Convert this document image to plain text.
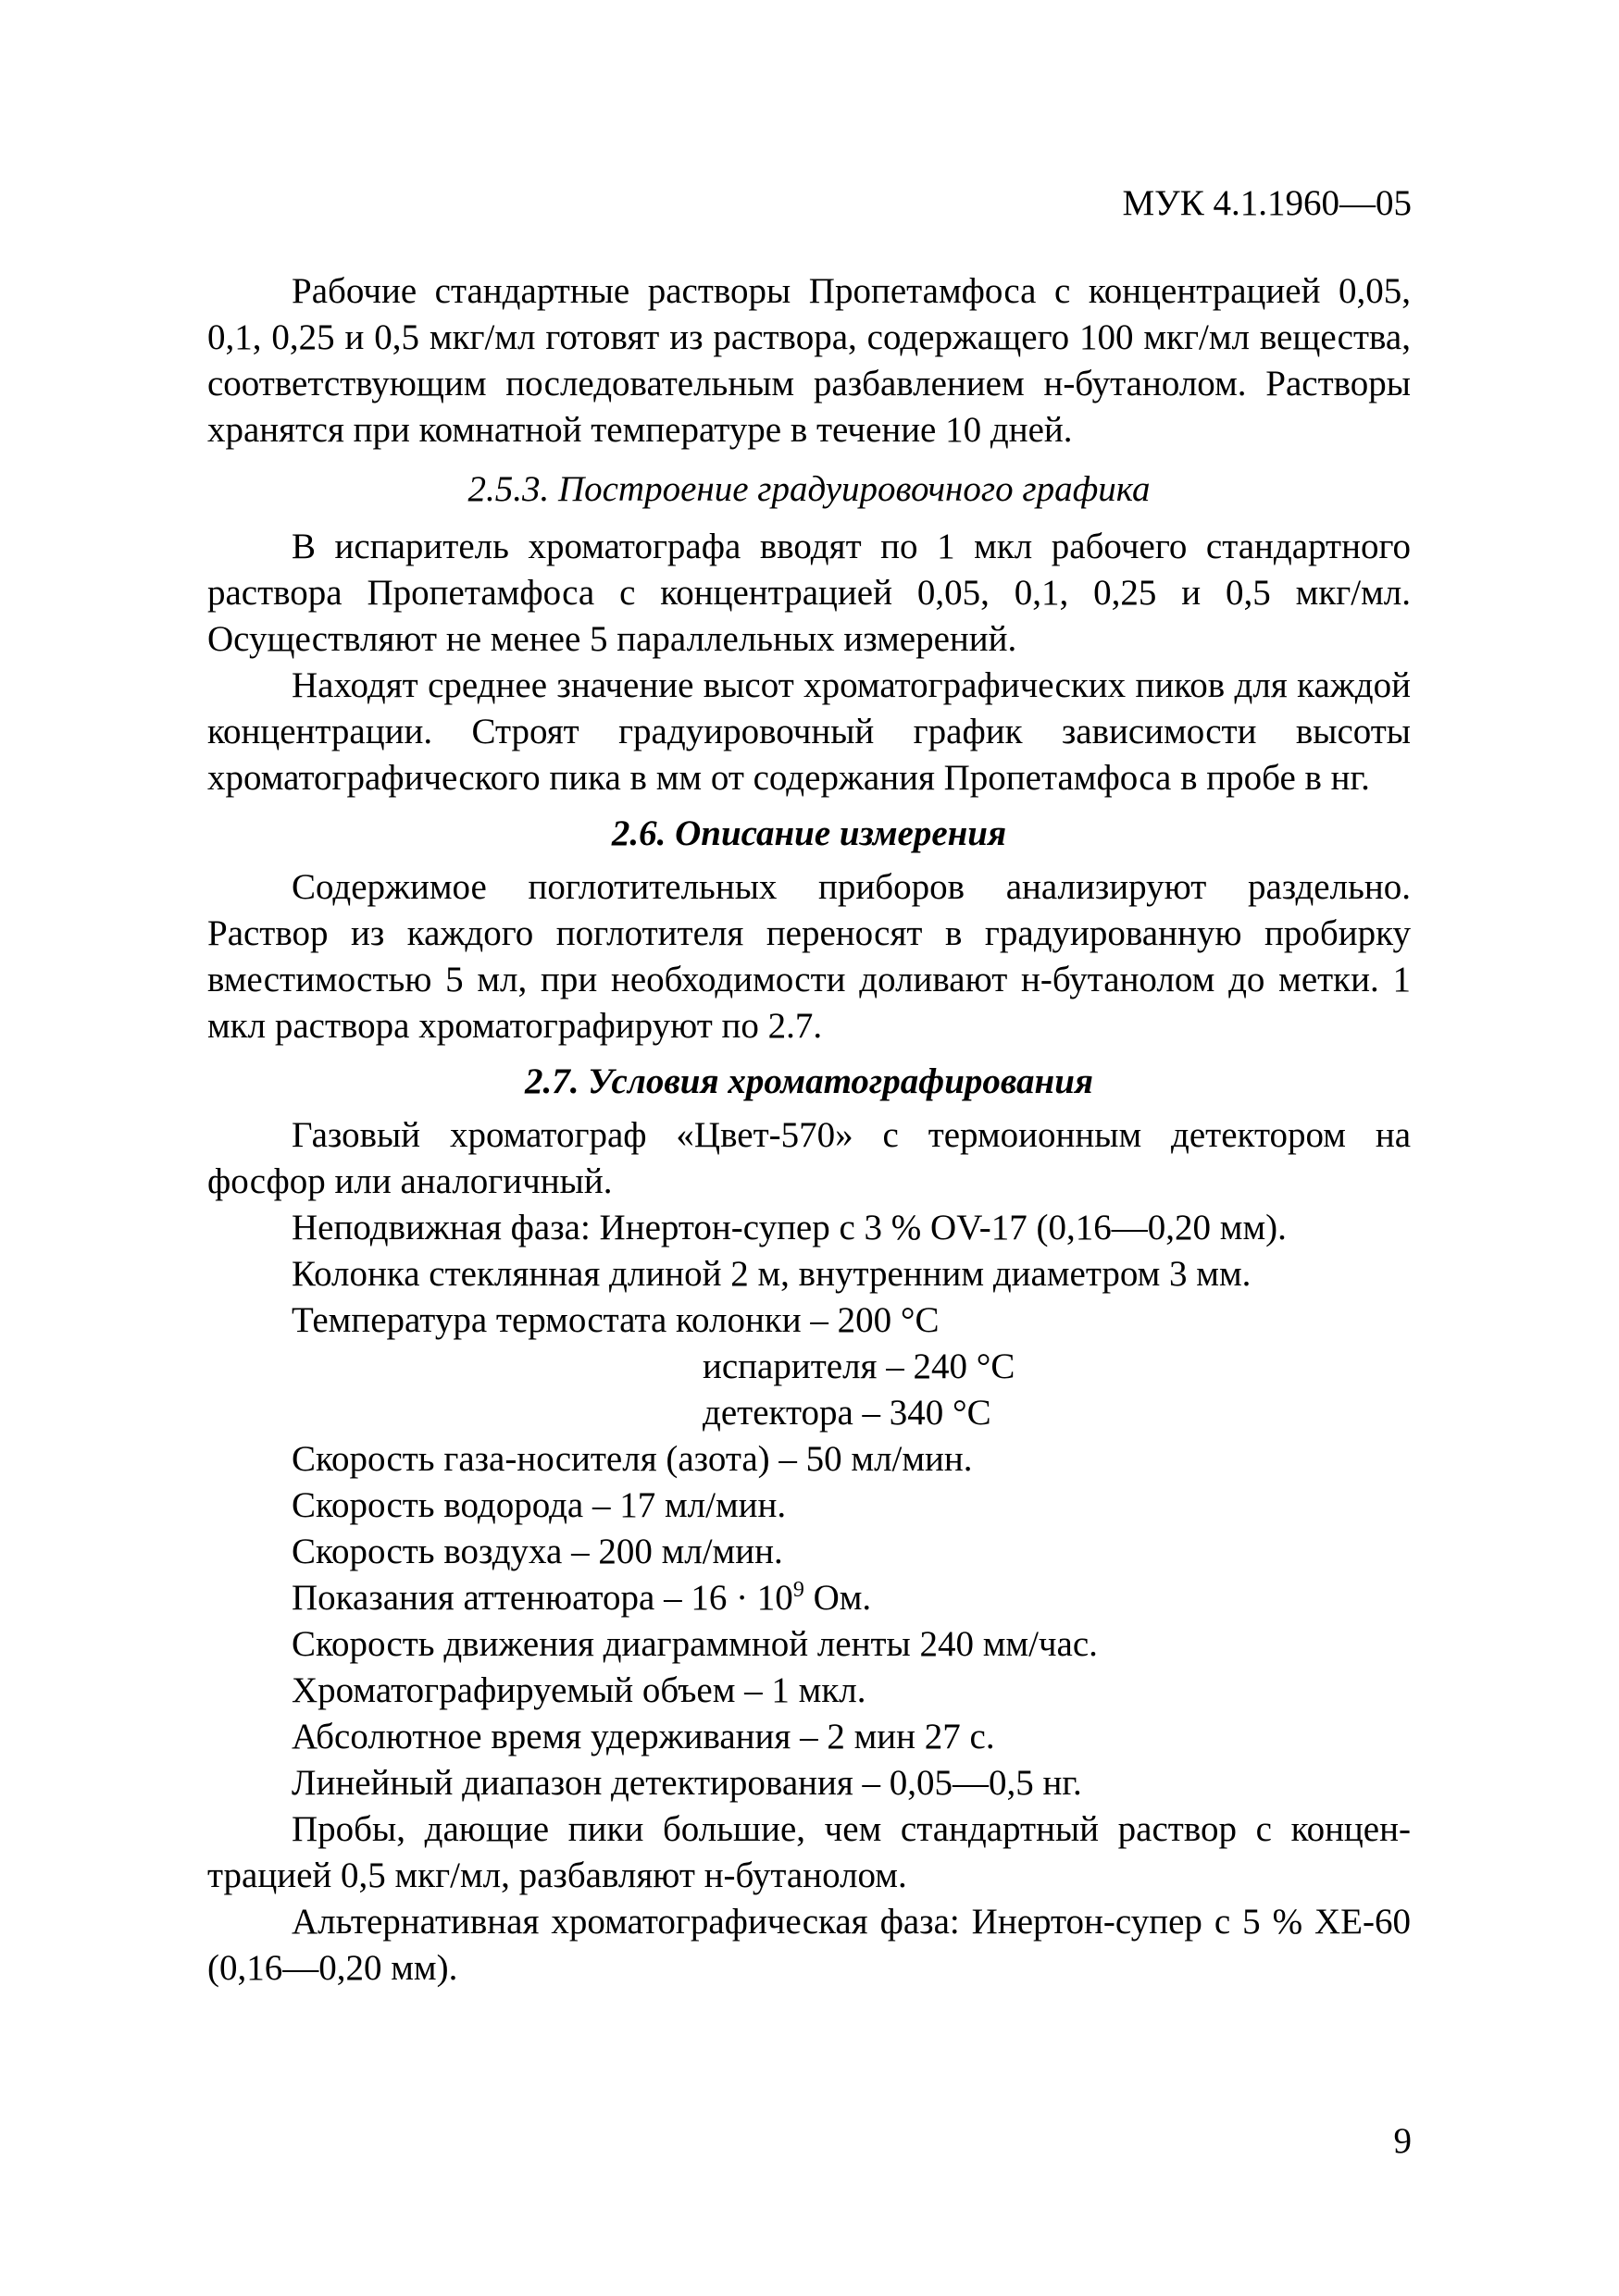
МУК 4.1.1960—05

Рабочие стандартные растворы Пропетамфоса с концентрацией 0,05, 0,1, 0,25 и 0,5 мкг/мл готовят из раствора, содержащего 100 мкг/мл вещества, соответствующим последовательным разбавлением н-бутанолом. Растворы хранятся при комнатной температуре в течение 10 дней.

2.5.3. Построение градуировочного графика

В испаритель хроматографа вводят по 1 мкл рабочего стандартного раствора Пропетамфоса с концентрацией 0,05, 0,1, 0,25 и 0,5 мкг/мл. Осуществляют не менее 5 параллельных измерений.

Находят среднее значение высот хроматографических пиков для каждой концентрации. Строят градуировочный график зависимости высоты хроматографического пика в мм от содержания Пропетамфоса в пробе в нг.

2.6. Описание измерения

Содержимое поглотительных приборов анализируют раздельно. Раствор из каждого поглотителя переносят в градуированную пробирку вместимостью 5 мл, при необходимости доливают н-бутанолом до метки. 1 мкл раствора хроматографируют по 2.7.

2.7. Условия хроматографирования

Газовый хроматограф «Цвет-570» с термоионным детектором на фосфор или аналогичный.

Неподвижная фаза: Инертон-супер с 3 % OV-17 (0,16—0,20 мм).

Колонка стеклянная длиной 2 м, внутренним диаметром 3 мм.

Температура термостата колонки – 200 °С

испарителя – 240 °С

детектора – 340 °С

Скорость газа-носителя (азота) – 50 мл/мин.

Скорость водорода – 17 мл/мин.

Скорость воздуха – 200 мл/мин.

Показания аттенюатора – $16 \cdot 10^9$ Ом.

Скорость движения диаграммной ленты 240 мм/час.

Хроматографируемый объем – 1 мкл.

Абсолютное время удерживания – 2 мин 27 с.

Линейный диапазон детектирования – 0,05—0,5 нг.

Пробы, дающие пики большие, чем стандартный раствор с концентрацией 0,5 мкг/мл, разбавляют н-бутанолом.

Альтернативная хроматографическая фаза: Инертон-супер с 5 % ХЕ-60 (0,16—0,20 мм).

9
